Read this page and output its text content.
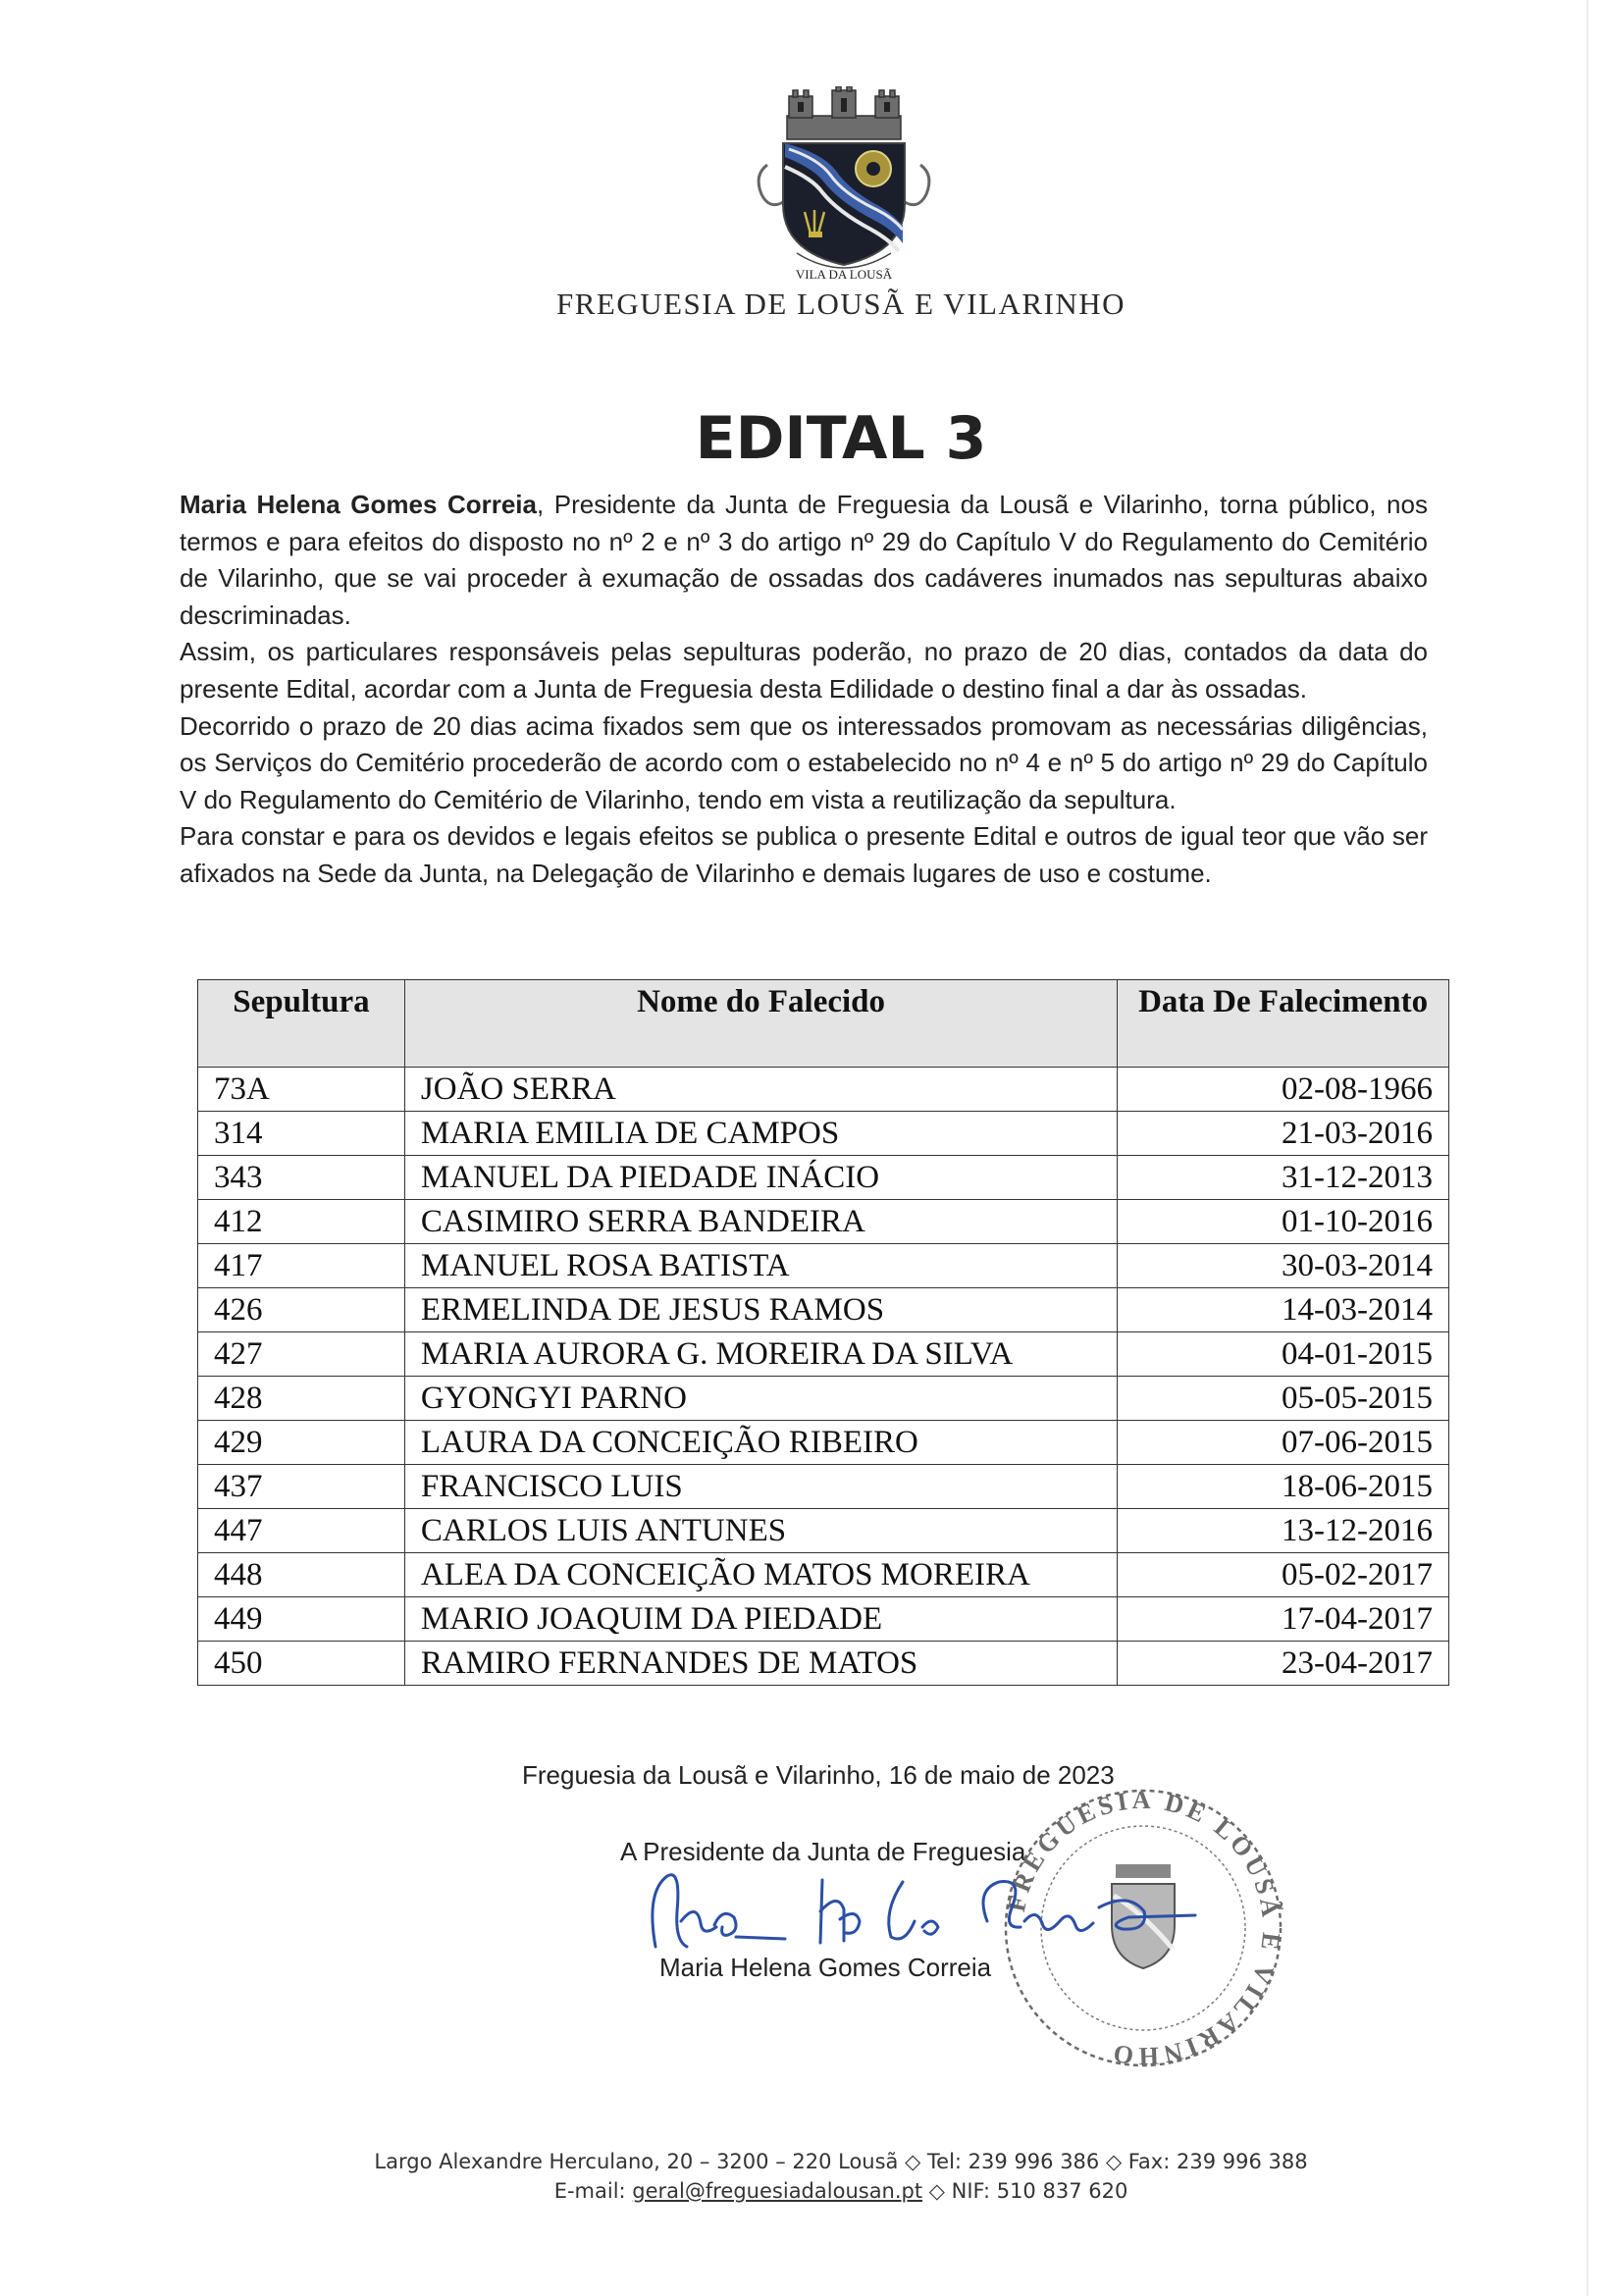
VILA DA LOUSÃ
FREGUESIA DE LOUSÃ E VILARINHO
EDITAL 3

Maria Helena Gomes Correia, Presidente da Junta de Freguesia da Lousã e Vilarinho, torna público, nos termos e para efeitos do disposto no nº 2 e nº 3 do artigo nº 29 do Capítulo V do Regulamento do Cemitério de Vilarinho, que se vai proceder à exumação de ossadas dos cadáveres inumados nas sepulturas abaixo descriminadas.

Assim, os particulares responsáveis pelas sepulturas poderão, no prazo de 20 dias, contados da data do presente Edital, acordar com a Junta de Freguesia desta Edilidade o destino final a dar às ossadas.

Decorrido o prazo de 20 dias acima fixados sem que os interessados promovam as necessárias diligências, os Serviços do Cemitério procederão de acordo com o estabelecido no nº 4 e nº 5 do artigo nº 29 do Capítulo V do Regulamento do Cemitério de Vilarinho, tendo em vista a reutilização da sepultura.

Para constar e para os devidos e legais efeitos se publica o presente Edital e outros de igual teor que vão ser afixados na Sede da Junta, na Delegação de Vilarinho e demais lugares de uso e costume.

Sepultura	Nome do Falecido	Data De Falecimento
73A	JOÃO SERRA	02-08-1966
314	MARIA EMILIA DE CAMPOS	21-03-2016
343	MANUEL DA PIEDADE INÁCIO	31-12-2013
412	CASIMIRO SERRA BANDEIRA	01-10-2016
417	MANUEL ROSA BATISTA	30-03-2014
426	ERMELINDA DE JESUS RAMOS	14-03-2014
427	MARIA AURORA G. MOREIRA DA SILVA	04-01-2015
428	GYONGYI PARNO	05-05-2015
429	LAURA DA CONCEIÇÃO RIBEIRO	07-06-2015
437	FRANCISCO LUIS	18-06-2015
447	CARLOS LUIS ANTUNES	13-12-2016
448	ALEA DA CONCEIÇÃO MATOS MOREIRA	05-02-2017
449	MARIO JOAQUIM DA PIEDADE	17-04-2017
450	RAMIRO FERNANDES DE MATOS	23-04-2017
Freguesia da Lousã e Vilarinho, 16 de maio de 2023
A Presidente da Junta de Freguesia
Maria Helena Gomes Correia
FREGUESIA DE LOUSÃ E VILARINHO
Largo Alexandre Herculano, 20 – 3200 – 220 Lousã ◇ Tel: 239 996 386 ◇ Fax: 239 996 388
E-mail: geral@freguesiadalousan.pt ◇ NIF: 510 837 620
